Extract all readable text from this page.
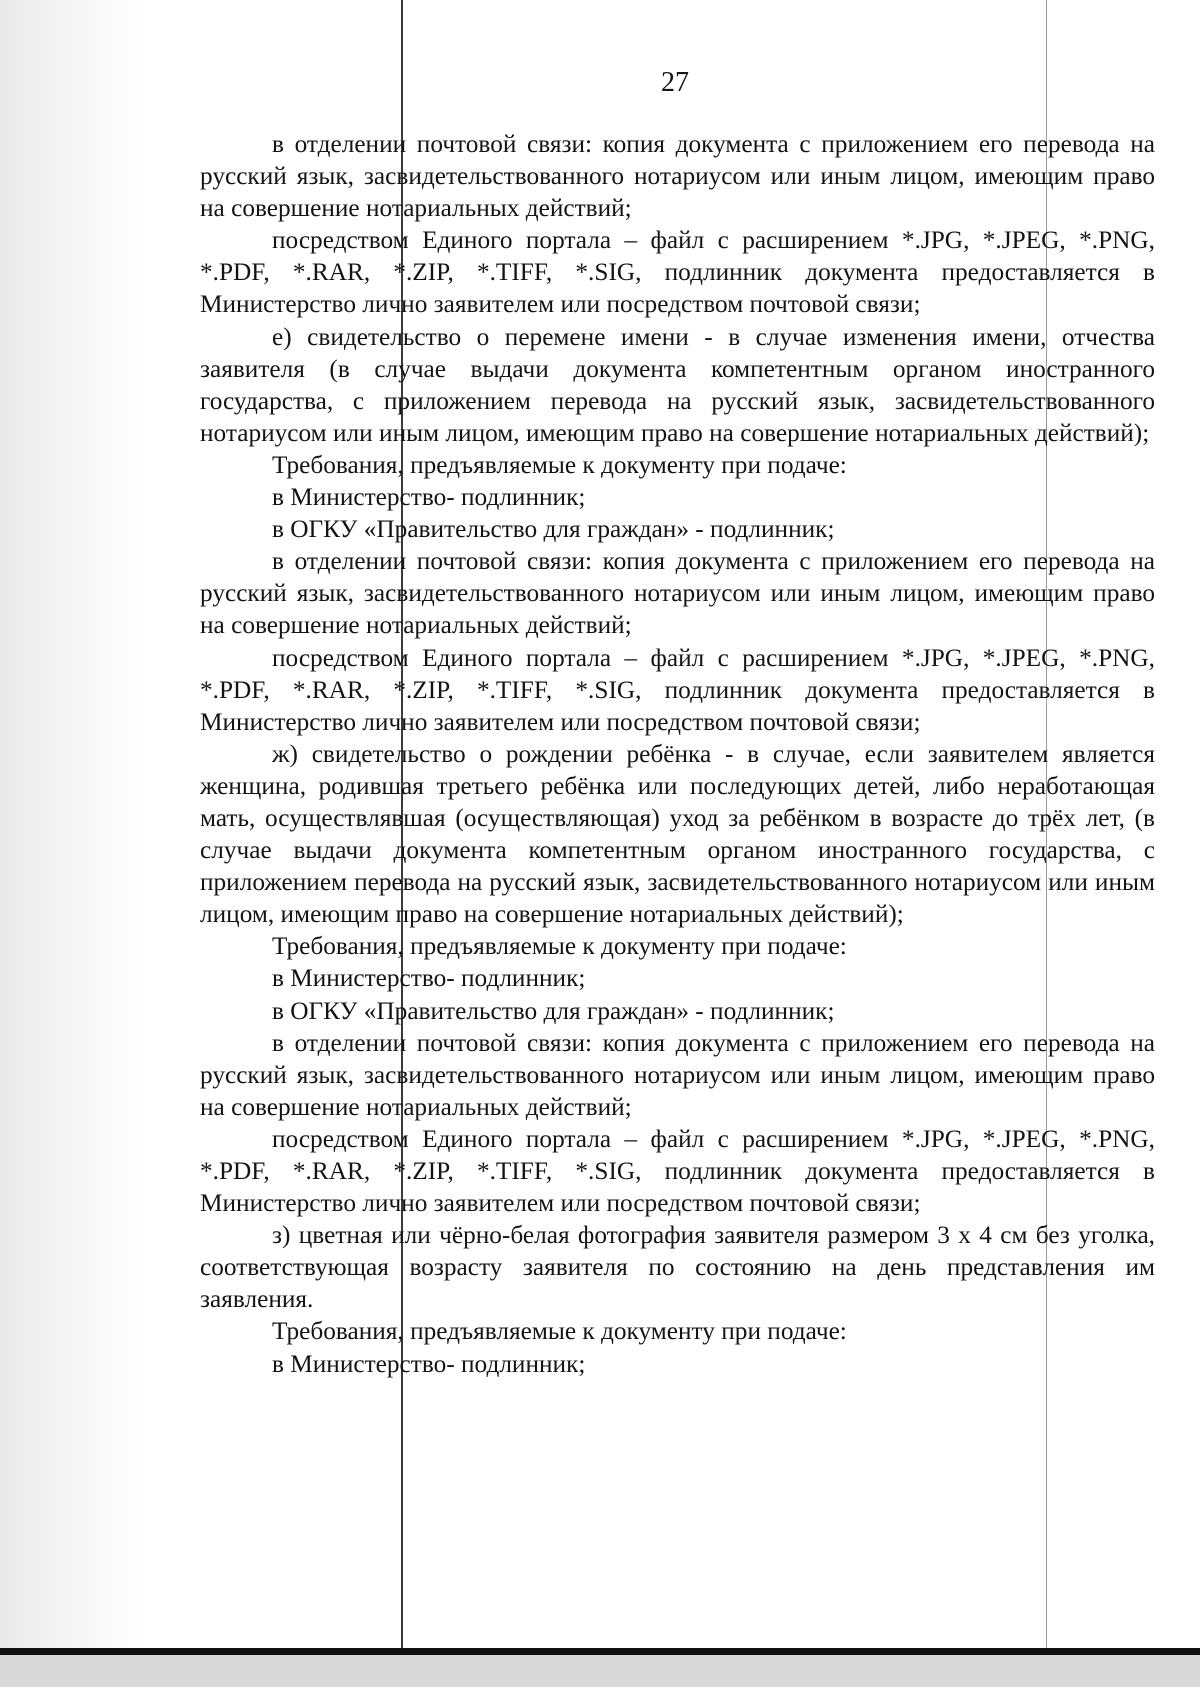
27

в отделении почтовой связи: копия документа с приложением его перевода на русский язык, засвидетельствованного нотариусом или иным лицом, имеющим право на совершение нотариальных действий;

посредством Единого портала – файл с расширением *.JPG, *.JPEG, *.PNG, *.PDF, *.RAR, *.ZIP, *.TIFF, *.SIG, подлинник документа предоставляется в Министерство лично заявителем или посредством почтовой связи;

е) свидетельство о перемене имени - в случае изменения имени, отчества заявителя (в случае выдачи документа компетентным органом иностранного государства, с приложением перевода на русский язык, засвидетельствованного нотариусом или иным лицом, имеющим право на совершение нотариальных действий);

Требования, предъявляемые к документу при подаче:

в Министерство- подлинник;

в ОГКУ «Правительство для граждан» - подлинник;

в отделении почтовой связи: копия документа с приложением его перевода на русский язык, засвидетельствованного нотариусом или иным лицом, имеющим право на совершение нотариальных действий;

посредством Единого портала – файл с расширением *.JPG, *.JPEG, *.PNG, *.PDF, *.RAR, *.ZIP, *.TIFF, *.SIG, подлинник документа предоставляется в Министерство лично заявителем или посредством почтовой связи;

ж) свидетельство о рождении ребёнка - в случае, если заявителем является женщина, родившая третьего ребёнка или последующих детей, либо неработающая мать, осуществлявшая (осуществляющая) уход за ребёнком в возрасте до трёх лет, (в случае выдачи документа компетентным органом иностранного государства, с приложением перевода на русский язык, засвидетельствованного нотариусом или иным лицом, имеющим право на совершение нотариальных действий);

Требования, предъявляемые к документу при подаче:

в Министерство- подлинник;

в ОГКУ «Правительство для граждан» - подлинник;

в отделении почтовой связи: копия документа с приложением его перевода на русский язык, засвидетельствованного нотариусом или иным лицом, имеющим право на совершение нотариальных действий;

посредством Единого портала – файл с расширением *.JPG, *.JPEG, *.PNG, *.PDF, *.RAR, *.ZIP, *.TIFF, *.SIG, подлинник документа предоставляется в Министерство лично заявителем или посредством почтовой связи;

з) цветная или чёрно-белая фотография заявителя размером 3 х 4 см без уголка, соответствующая возрасту заявителя по состоянию на день представления им заявления.

Требования, предъявляемые к документу при подаче:

в Министерство- подлинник;
